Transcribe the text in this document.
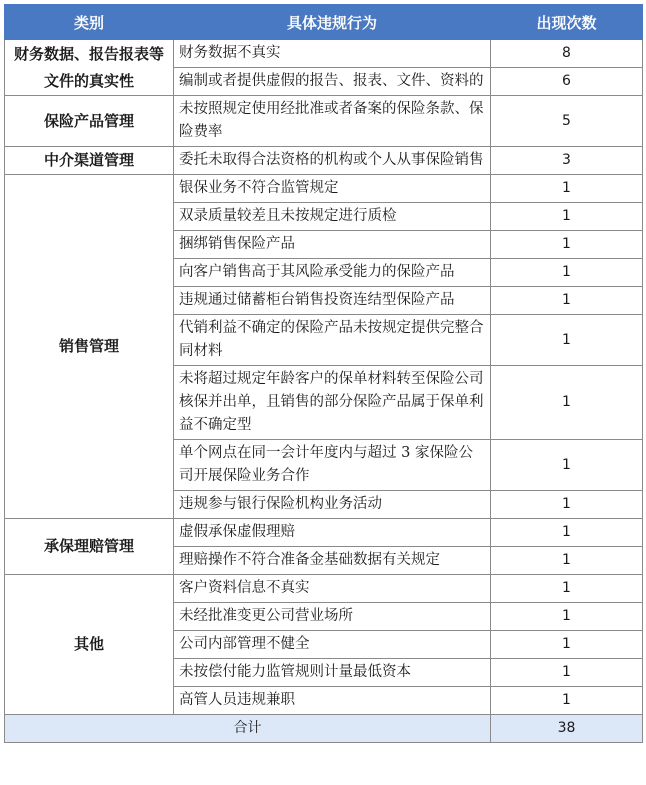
类别	具体违规行为	出现次数
财务数据、报告报表等文件的真实性	财务数据不真实	8
	编制或者提供虚假的报告、报表、文件、资料的	6
保险产品管理	未按照规定使用经批准或者备案的保险条款、保险费率	5
中介渠道管理	委托未取得合法资格的机构或个人从事保险销售	3
销售管理	银保业务不符合监管规定	1
	双录质量较差且未按规定进行质检	1
	捆绑销售保险产品	1
	向客户销售高于其风险承受能力的保险产品	1
	违规通过储蓄柜台销售投资连结型保险产品	1
	代销利益不确定的保险产品未按规定提供完整合同材料	1
	未将超过规定年龄客户的保单材料转至保险公司核保并出单，且销售的部分保险产品属于保单利益不确定型	1
	单个网点在同一会计年度内与超过 3 家保险公司开展保险业务合作	1
	违规参与银行保险机构业务活动	1
承保理赔管理	虚假承保虚假理赔	1
	理赔操作不符合准备金基础数据有关规定	1
其他	客户资料信息不真实	1
	未经批准变更公司营业场所	1
	公司内部管理不健全	1
	未按偿付能力监管规则计量最低资本	1
	高管人员违规兼职	1
合计		38
